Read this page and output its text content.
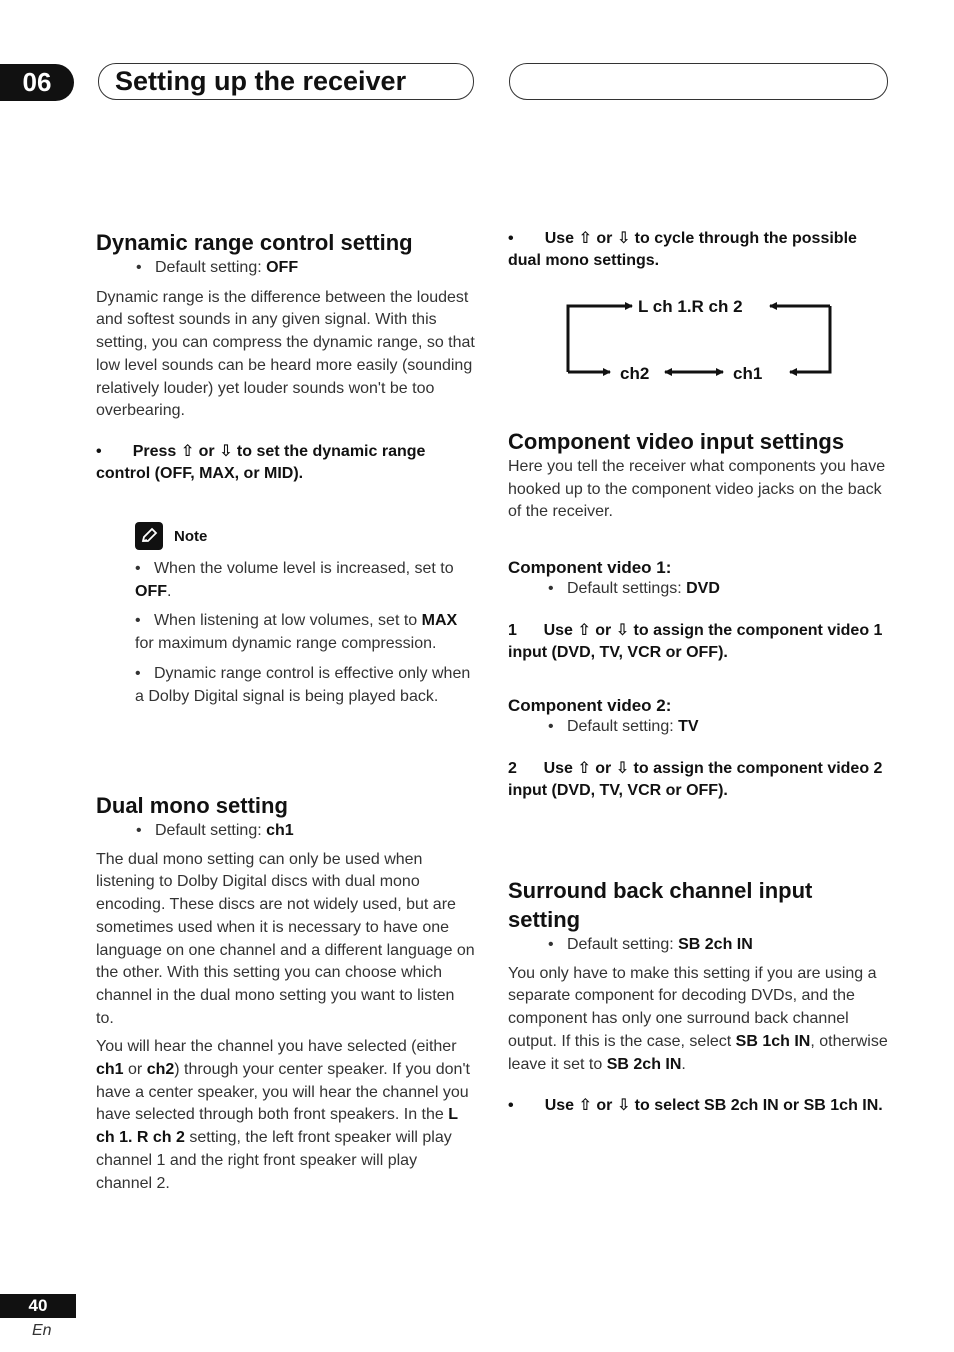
06 Setting up the receiver
Dynamic range control setting
•   Default setting: OFF

Dynamic range is the difference between the loudest and softest sounds in any given signal. With this setting, you can compress the dynamic range, so that low level sounds can be heard more easily (sounding relatively louder) yet louder sounds won't be too overbearing.

•       Press ⇧ or ⇩ to set the dynamic range control (OFF, MAX, or MID).
Note

•   When the volume level is increased, set to OFF.

•   When listening at low volumes, set to MAX for maximum dynamic range compression.

•   Dynamic range control is effective only when a Dolby Digital signal is being played back.

Dual mono setting
•   Default setting: ch1

The dual mono setting can only be used when listening to Dolby Digital discs with dual mono encoding. These discs are not widely used, but are sometimes used when it is necessary to have one language on one channel and a different language on the other. With this setting you can choose which channel in the dual mono setting you want to listen to.

You will hear the channel you have selected (either ch1 or ch2) through your center speaker. If you don't have a center speaker, you will hear the channel you have selected through both front speakers. In the L ch 1. R ch 2 setting, the left front speaker will play channel 1 and the right front speaker will play channel 2.

•       Use ⇧ or ⇩ to cycle through the possible dual mono settings.
L ch 1.R ch 2
ch2	ch1
Component video input settings

Here you tell the receiver what components you have hooked up to the component video jacks on the back of the receiver.

Component video 1:
•   Default settings: DVD
1 Use ⇧ or ⇩ to assign the component video 1 input (DVD, TV, VCR or OFF).
Component video 2:
•   Default setting: TV
2 Use ⇧ or ⇩ to assign the component video 2 input (DVD, TV, VCR or OFF).
Surround back channel input setting
•   Default setting: SB 2ch IN

You only have to make this setting if you are using a separate component for decoding DVDs, and the component has only one surround back channel output. If this is the case, select SB 1ch IN, otherwise leave it set to SB 2ch IN.

•       Use ⇧ or ⇩ to select SB 2ch IN or SB 1ch IN.
40
En
